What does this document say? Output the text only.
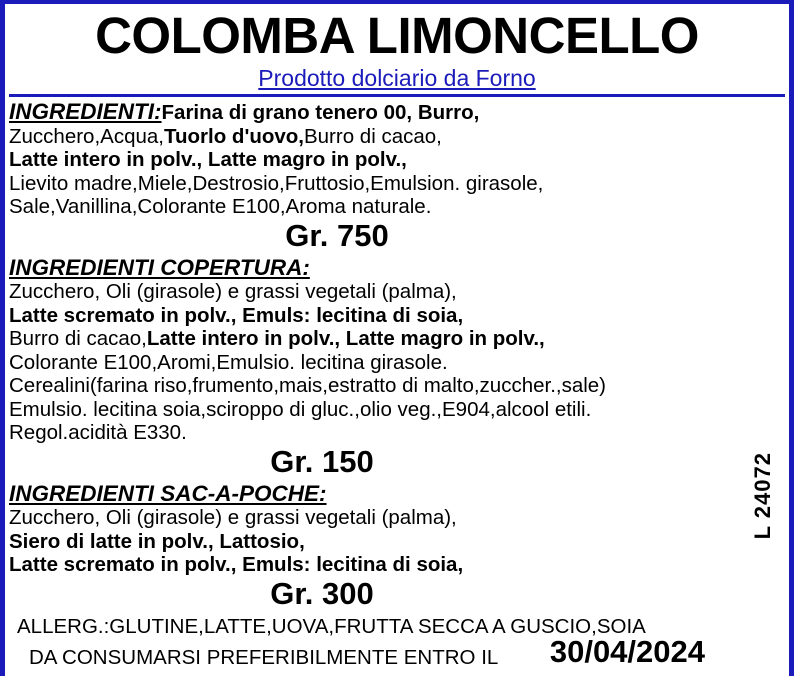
COLOMBA LIMONCELLO
Prodotto dolciario da Forno
INGREDIENTI:Farina di grano tenero 00, Burro,
Zucchero,Acqua,Tuorlo d'uovo,Burro di cacao,
Latte intero in polv., Latte magro in polv.,
Lievito madre,Miele,Destrosio,Fruttosio,Emulsion. girasole,
Sale,Vanillina,Colorante E100,Aroma naturale.
Gr. 750
INGREDIENTI COPERTURA:
Zucchero, Oli (girasole) e grassi vegetali (palma),
Latte scremato in polv., Emuls: lecitina di soia,
Burro di cacao,Latte intero in polv., Latte magro in polv.,
Colorante E100,Aromi,Emulsio. lecitina girasole.
Cerealini(farina riso,frumento,mais,estratto di malto,zuccher.,sale)
Emulsio. lecitina soia,sciroppo di gluc.,olio veg.,E904,alcool etili.
Regol.acidità E330.
Gr. 150
INGREDIENTI SAC-A-POCHE:
Zucchero, Oli (girasole) e grassi vegetali (palma),
Siero di latte in polv., Lattosio,
Latte scremato in polv., Emuls: lecitina di soia,
Gr. 300
ALLERG.:GLUTINE,LATTE,UOVA,FRUTTA SECCA A GUSCIO,SOIA
DA CONSUMARSI PREFERIBILMENTE ENTRO IL 30/04/2024
L 24072
